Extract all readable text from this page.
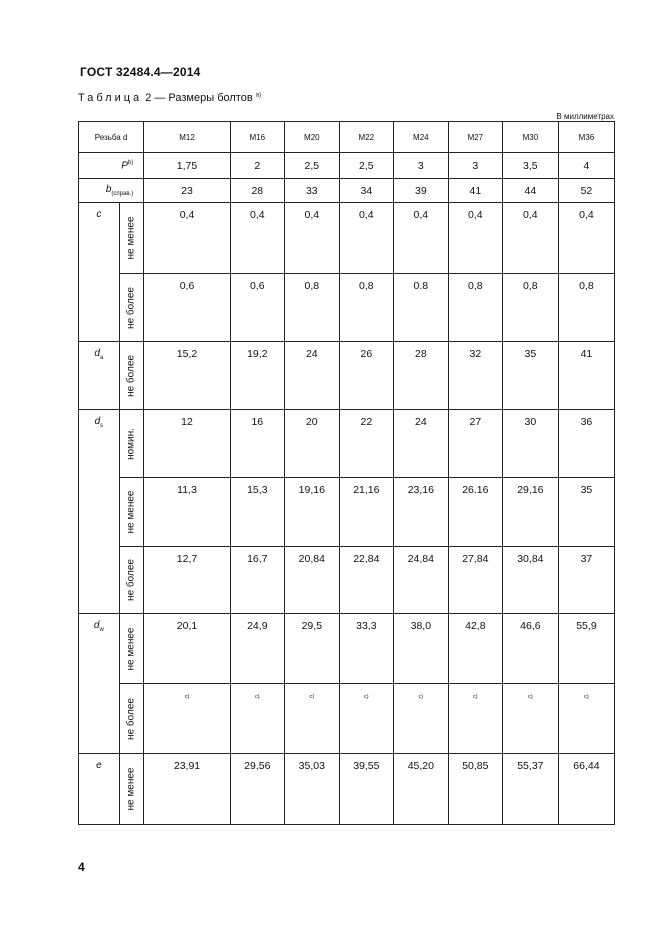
ГОСТ 32484.4—2014
Таблица 2 — Размеры болтов $^{a)}$
В миллиметрах
Резьба d		M12	M16	M20	M22	M24	M27	M30	M36
$P^{b)}$		1,75	2	2,5	2,5	3	3	3,5	4
$b_{(справ.)}$		23	28	33	34	39	41	44	52
c	не менее	0,4	0,4	0,4	0,4	0,4	0,4	0,4	0,4

	не более	0,6	0,6	0,8	0,8	0.8	0,8	0,8	0,8
$d_a$	не более	15,2	19,2	24	26	28	32	35	41
$d_s$	номин.	12	16	20	22	24	27	30	36

	не менее	11,3	15,3	19,16	21,16	23,16	26.16	29,16	35

	не более	12,7	16,7	20,84	22,84	24,84	27,84	30,84	37
$d_w$	не менее	20,1	24,9	29,5	33,3	38,0	42,8	46,6	55,9

	не более	c)	c)	c)	c)	c)	c)	c)	c)
e	не менее	23,91	29,56	35,03	39,55	45,20	50,85	55,37	66,44
4
